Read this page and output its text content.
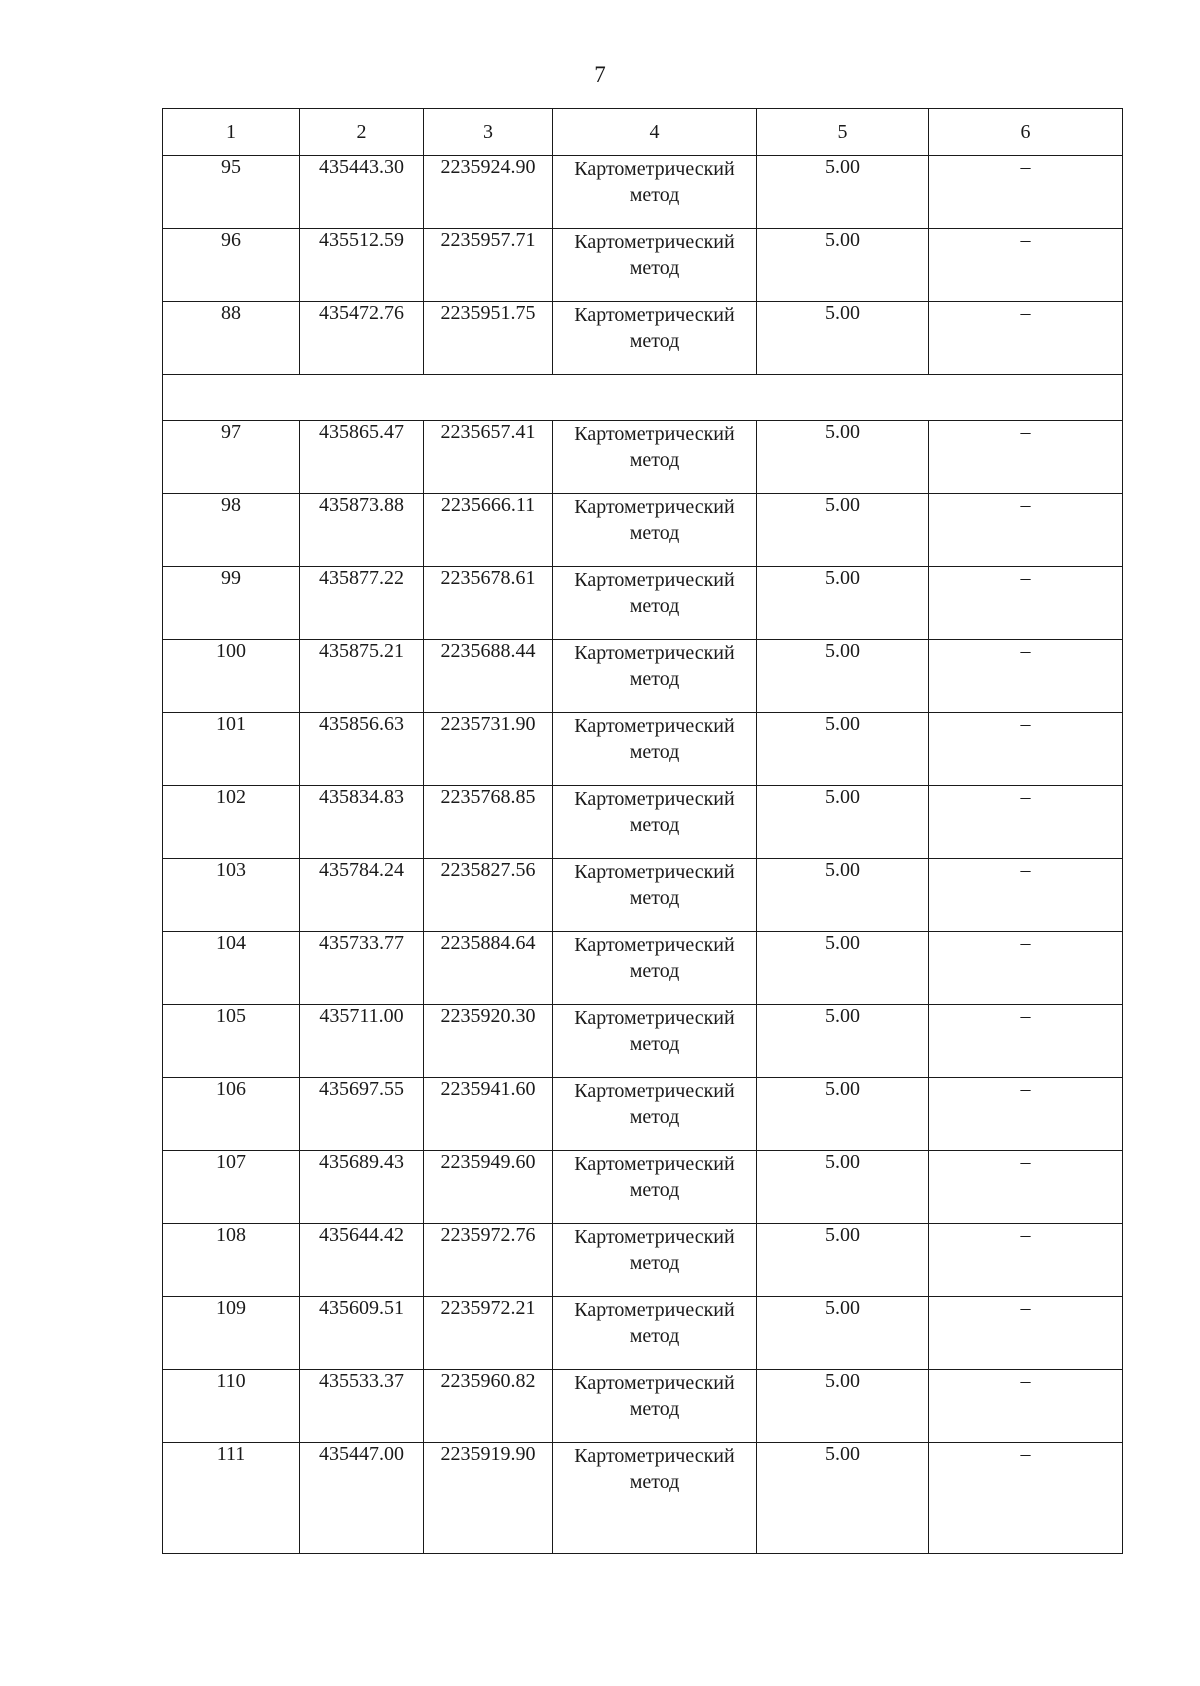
7
1	2	3	4	5	6
95	435443.30	2235924.90	Картометрический
метод	5.00	–
96	435512.59	2235957.71	Картометрический
метод	5.00	–
88	435472.76	2235951.75	Картометрический
метод	5.00	–

97	435865.47	2235657.41	Картометрический
метод	5.00	–
98	435873.88	2235666.11	Картометрический
метод	5.00	–
99	435877.22	2235678.61	Картометрический
метод	5.00	–
100	435875.21	2235688.44	Картометрический
метод	5.00	–
101	435856.63	2235731.90	Картометрический
метод	5.00	–
102	435834.83	2235768.85	Картометрический
метод	5.00	–
103	435784.24	2235827.56	Картометрический
метод	5.00	–
104	435733.77	2235884.64	Картометрический
метод	5.00	–
105	435711.00	2235920.30	Картометрический
метод	5.00	–
106	435697.55	2235941.60	Картометрический
метод	5.00	–
107	435689.43	2235949.60	Картометрический
метод	5.00	–
108	435644.42	2235972.76	Картометрический
метод	5.00	–
109	435609.51	2235972.21	Картометрический
метод	5.00	–
110	435533.37	2235960.82	Картометрический
метод	5.00	–
111	435447.00	2235919.90	Картометрический
метод	5.00	–
